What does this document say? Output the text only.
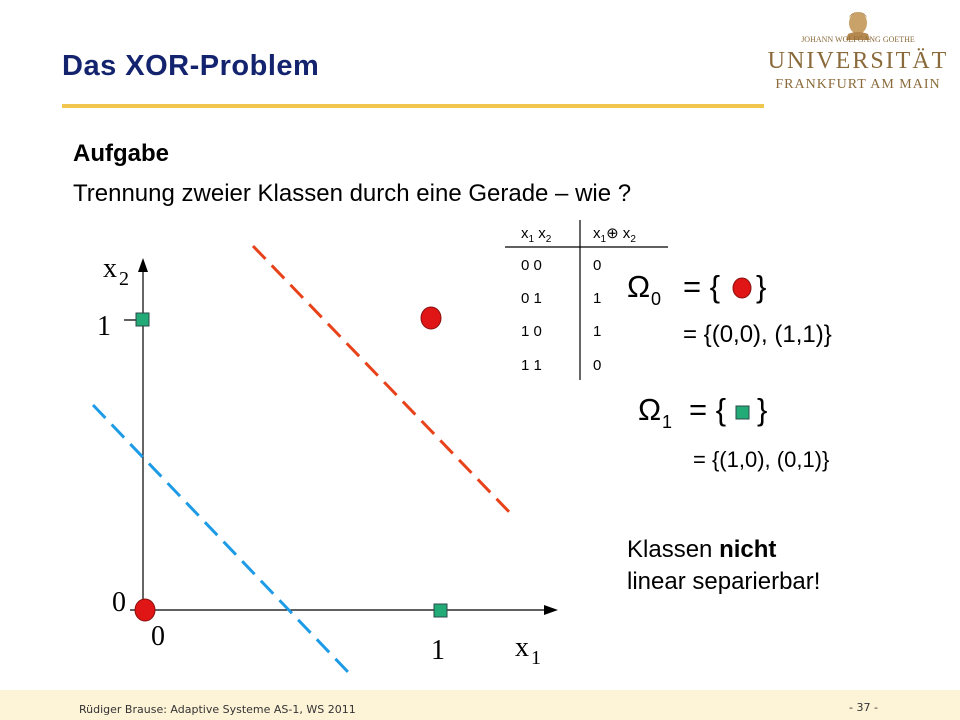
Das XOR-Problem
JOHANN WOLFGANG GOETHE
UNIVERSITÄT
FRANKFURT AM MAIN
Aufgabe
Trennung zweier Klassen durch eine Gerade – wie ?
x 2
x 1
1
0
0	1
$x_1$ $x_2$	$x_1\oplus$ $x_2$
0 0	0
0 1	1
1 0	1
1 1	0
Ω 0 = { }
= {(0,0), (1,1)}
Ω 1 = { }
= {(1,0), (0,1)}
Klassen nicht
linear separierbar!
Rüdiger Brause: Adaptive Systeme AS-1, WS 2011	- 37 -
